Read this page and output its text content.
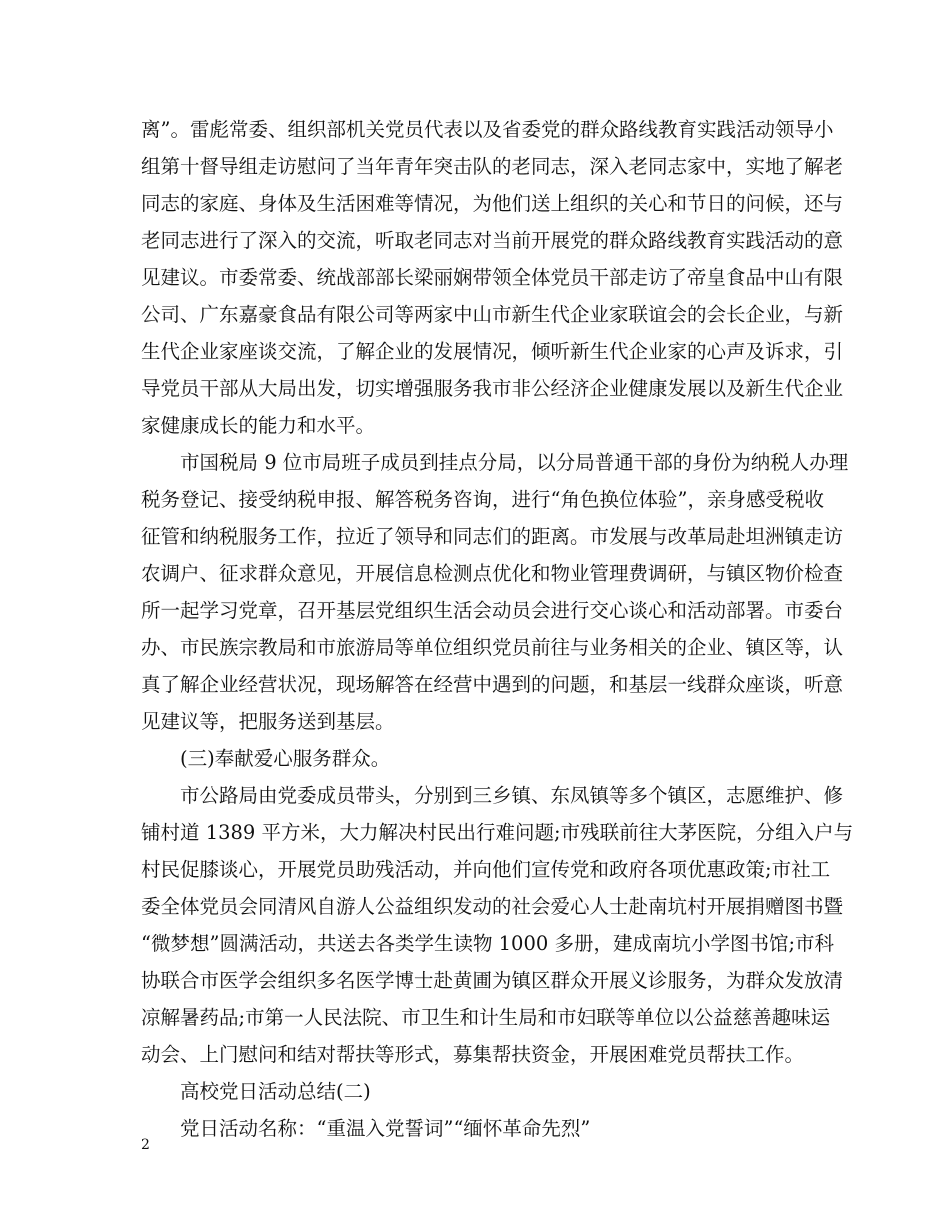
离”。雷彪常委、组织部机关党员代表以及省委党的群众路线教育实践活动领导小
组第十督导组走访慰问了当年青年突击队的老同志，深入老同志家中，实地了解老
同志的家庭、身体及生活困难等情况，为他们送上组织的关心和节日的问候，还与
老同志进行了深入的交流，听取老同志对当前开展党的群众路线教育实践活动的意
见建议。市委常委、统战部部长梁丽娴带领全体党员干部走访了帝皇食品中山有限
公司、广东嘉豪食品有限公司等两家中山市新生代企业家联谊会的会长企业，与新
生代企业家座谈交流，了解企业的发展情况，倾听新生代企业家的心声及诉求，引
导党员干部从大局出发，切实增强服务我市非公经济企业健康发展以及新生代企业
家健康成长的能力和水平。
市国税局 9 位市局班子成员到挂点分局，以分局普通干部的身份为纳税人办理
税务登记、接受纳税申报、解答税务咨询，进行“角色换位体验”，亲身感受税收
征管和纳税服务工作，拉近了领导和同志们的距离。市发展与改革局赴坦洲镇走访
农调户、征求群众意见，开展信息检测点优化和物业管理费调研，与镇区物价检查
所一起学习党章，召开基层党组织生活会动员会进行交心谈心和活动部署。市委台
办、市民族宗教局和市旅游局等单位组织党员前往与业务相关的企业、镇区等，认
真了解企业经营状况，现场解答在经营中遇到的问题，和基层一线群众座谈，听意
见建议等，把服务送到基层。
(三)奉献爱心服务群众。
市公路局由党委成员带头，分别到三乡镇、东凤镇等多个镇区，志愿维护、修
铺村道 1389 平方米，大力解决村民出行难问题;市残联前往大茅医院，分组入户与
村民促膝谈心，开展党员助残活动，并向他们宣传党和政府各项优惠政策;市社工
委全体党员会同清风自游人公益组织发动的社会爱心人士赴南坑村开展捐赠图书暨
“微梦想”圆满活动，共送去各类学生读物 1000 多册，建成南坑小学图书馆;市科
协联合市医学会组织多名医学博士赴黄圃为镇区群众开展义诊服务，为群众发放清
凉解暑药品;市第一人民法院、市卫生和计生局和市妇联等单位以公益慈善趣味运
动会、上门慰问和结对帮扶等形式，募集帮扶资金，开展困难党员帮扶工作。
高校党日活动总结(二)
党日活动名称：“重温入党誓词”“缅怀革命先烈”
2
